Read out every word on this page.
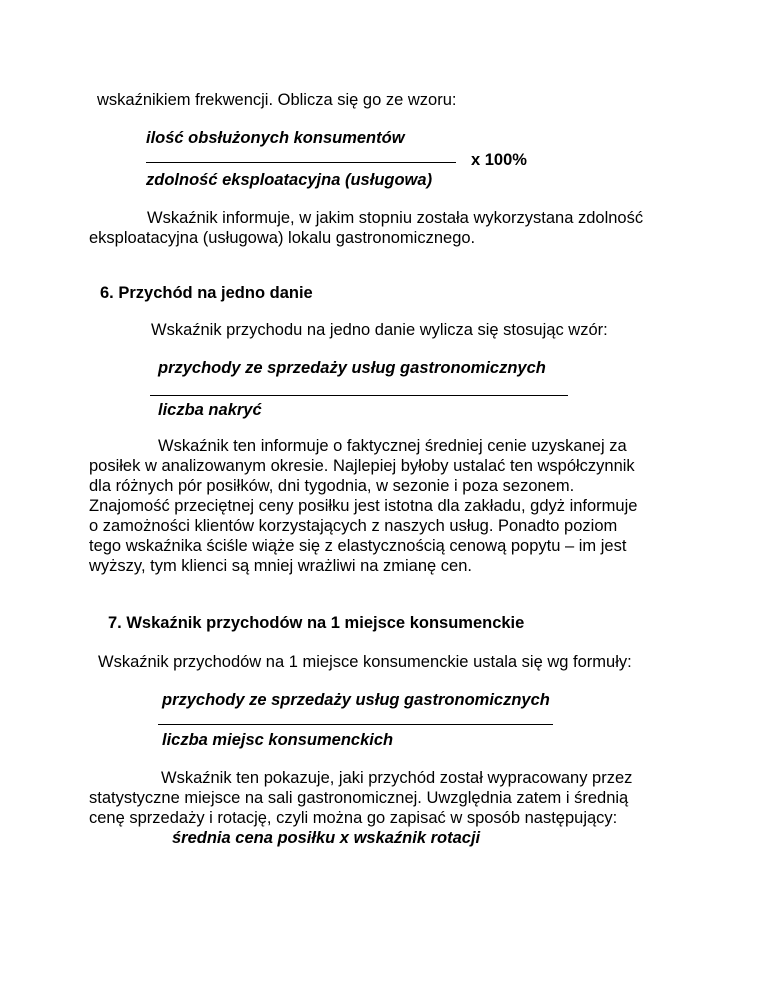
wskaźnikiem frekwencji. Oblicza się go ze wzoru:

ilość obsłużonych konsumentów

x 100%

zdolność eksploatacyjna (usługowa)

Wskaźnik informuje, w jakim stopniu została wykorzystana zdolność
eksploatacyjna (usługowa) lokalu gastronomicznego.

6. Przychód na jedno danie

Wskaźnik przychodu na jedno danie wylicza się stosując wzór:

przychody ze sprzedaży usług gastronomicznych

liczba nakryć

Wskaźnik ten informuje o faktycznej średniej cenie uzyskanej za
posiłek w analizowanym okresie. Najlepiej byłoby ustalać ten współczynnik
dla różnych pór posiłków, dni tygodnia, w sezonie i poza sezonem.
Znajomość przeciętnej ceny posiłku jest istotna dla zakładu, gdyż informuje
o zamożności klientów korzystających z naszych usług. Ponadto poziom
tego wskaźnika ściśle wiąże się z elastycznością cenową popytu – im jest
wyższy, tym klienci są mniej wrażliwi na zmianę cen.

7. Wskaźnik przychodów na 1 miejsce konsumenckie

Wskaźnik przychodów na 1 miejsce konsumenckie ustala się wg formuły:

przychody ze sprzedaży usług gastronomicznych

liczba miejsc konsumenckich

Wskaźnik ten pokazuje, jaki przychód został wypracowany przez
statystyczne miejsce na sali gastronomicznej. Uwzględnia zatem i średnią
cenę sprzedaży i rotację, czyli można go zapisać w sposób następujący:

średnia cena posiłku x wskaźnik rotacji
